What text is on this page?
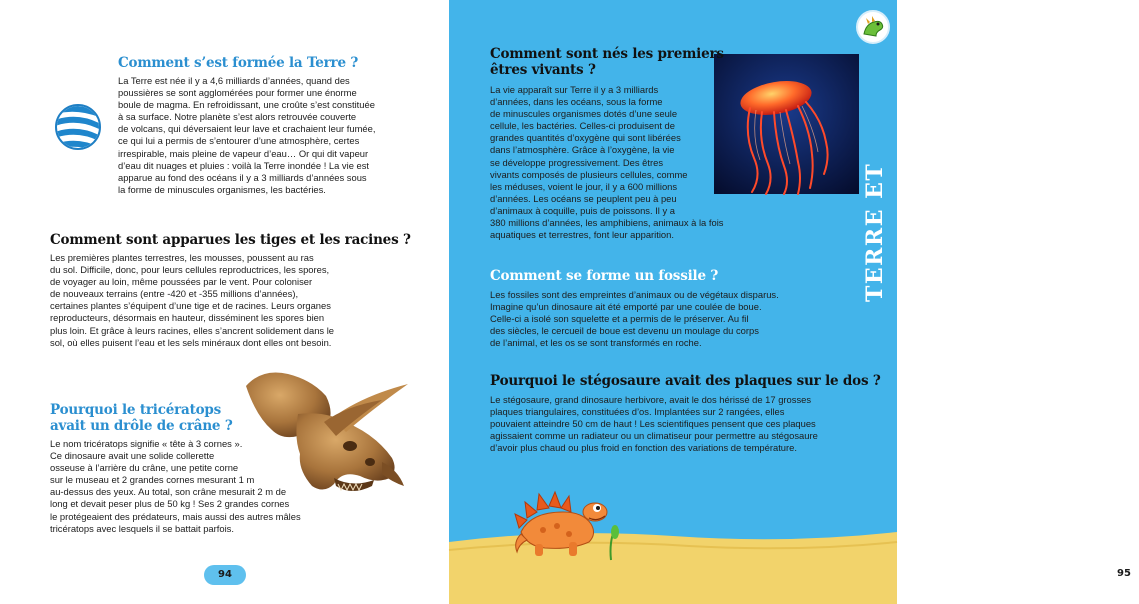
Comment s’est formée la Terre ?
La Terre est née il y a 4,6 milliards d’années, quand des
poussières se sont agglomérées pour former une énorme
boule de magma. En refroidissant, une croûte s’est constituée
à sa surface. Notre planète s’est alors retrouvée couverte
de volcans, qui déversaient leur lave et crachaient leur fumée,
ce qui lui a permis de s’entourer d’une atmosphère, certes
irrespirable, mais pleine de vapeur d’eau… Or qui dit vapeur
d’eau dit nuages et pluies : voilà la Terre inondée ! La vie est
apparue au fond des océans il y a 3 milliards d’années sous
la forme de minuscules organismes, les bactéries.
Comment sont apparues les tiges et les racines ?
Les premières plantes terrestres, les mousses, poussent au ras
du sol. Difficile, donc, pour leurs cellules reproductrices, les spores,
de voyager au loin, même poussées par le vent. Pour coloniser
de nouveaux terrains (entre -420 et -355 millions d’années),
certaines plantes s’équipent d’une tige et de racines. Leurs organes
reproducteurs, désormais en hauteur, disséminent les spores bien
plus loin. Et grâce à leurs racines, elles s’ancrent solidement dans le
sol, où elles puisent l’eau et les sels minéraux dont elles ont besoin.
Pourquoi le tricératops
avait un drôle de crâne ?
Le nom tricératops signifie « tête à 3 cornes ».
Ce dinosaure avait une solide collerette
osseuse à l’arrière du crâne, une petite corne
sur le museau et 2 grandes cornes mesurant 1 m
au-dessus des yeux. Au total, son crâne mesurait 2 m de
long et devait peser plus de 50 kg ! Ses 2 grandes cornes
le protégeaient des prédateurs, mais aussi des autres mâles
tricératops avec lesquels il se battait parfois.
94
Comment sont nés les premiers
êtres vivants ?
La vie apparaît sur Terre il y a 3 milliards
d’années, dans les océans, sous la forme
de minuscules organismes dotés d’une seule
cellule, les bactéries. Celles-ci produisent de
grandes quantités d’oxygène qui sont libérées
dans l’atmosphère. Grâce à l’oxygène, la vie
se développe progressivement. Des êtres
vivants composés de plusieurs cellules, comme
les méduses, voient le jour, il y a 600 millions
d’années. Les océans se peuplent peu à peu
d’animaux à coquille, puis de poissons. Il y a
380 millions d’années, les amphibiens, animaux à la fois
aquatiques et terrestres, font leur apparition.
Comment se forme un fossile ?
Les fossiles sont des empreintes d’animaux ou de végétaux disparus.
Imagine qu’un dinosaure ait été emporté par une coulée de boue.
Celle-ci a isolé son squelette et a permis de le préserver. Au fil
des siècles, le cercueil de boue est devenu un moulage du corps
de l’animal, et les os se sont transformés en roche.
Pourquoi le stégosaure avait des plaques sur le dos ?
Le stégosaure, grand dinosaure herbivore, avait le dos hérissé de 17 grosses
plaques triangulaires, constituées d’os. Implantées sur 2 rangées, elles
pouvaient atteindre 50 cm de haut ! Les scientifiques pensent que ces plaques
agissaient comme un radiateur ou un climatiseur pour permettre au stégosaure
d’avoir plus chaud ou plus froid en fonction des variations de température.
95
TERRE ET ÉVOLUTION
